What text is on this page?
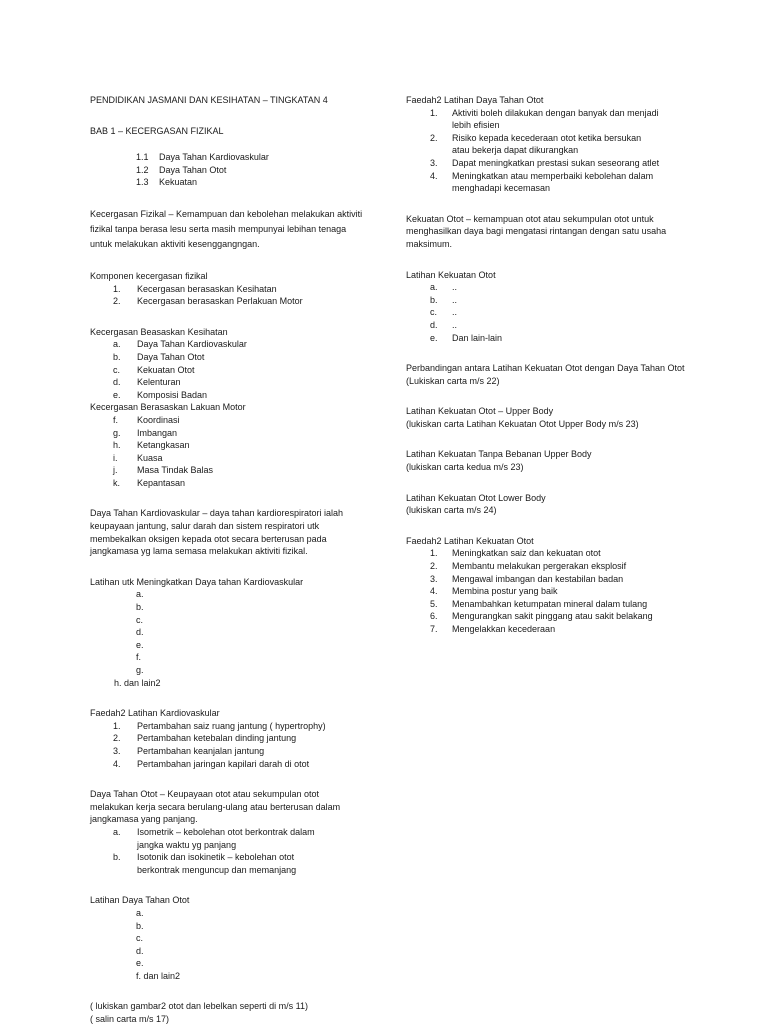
PENDIDIKAN JASMANI DAN KESIHATAN – TINGKATAN 4
BAB 1 – KECERGASAN FIZIKAL
1.1 Daya Tahan Kardiovaskular
1.2 Daya Tahan Otot
1.3 Kekuatan
Kecergasan Fizikal – Kemampuan dan kebolehan melakukan aktiviti fizikal tanpa berasa lesu serta masih mempunyai lebihan tenaga untuk melakukan aktiviti kesenggangngan.
Komponen kecergasan fizikal
1. Kecergasan berasaskan Kesihatan
2. Kecergasan berasaskan Perlakuan Motor
Kecergasan Beasaskan Kesihatan
a. Daya Tahan Kardiovaskular
b. Daya Tahan Otot
c. Kekuatan Otot
d. Kelenturan
e. Komposisi Badan
Kecergasan Berasaskan Lakuan Motor
f. Koordinasi
g. Imbangan
h. Ketangkasan
i. Kuasa
j. Masa Tindak Balas
k. Kepantasan
Daya Tahan Kardiovaskular – daya tahan kardiorespiratori ialah keupayaan jantung, salur darah dan sistem respiratori utk membekalkan oksigen kepada otot secara berterusan pada jangkamasa yg lama semasa melakukan aktiviti fizikal.
Latihan utk Meningkatkan Daya tahan Kardiovaskular
a.
b.
c.
d.
e.
f.
g.
h. dan lain2
Faedah2 Latihan Kardiovaskular
1. Pertambahan saiz ruang jantung ( hypertrophy)
2. Pertambahan ketebalan dinding jantung
3. Pertambahan keanjalan jantung
4. Pertambahan jaringan kapilari darah di otot
Daya Tahan Otot – Keupayaan otot atau sekumpulan otot melakukan kerja secara berulang-ulang atau berterusan dalam jangkamasa yang panjang.
a. Isometrik – kebolehan otot berkontrak dalam jangka waktu yg panjang
b. Isotonik dan isokinetik – kebolehan otot berkontrak menguncup dan memanjang
Latihan Daya Tahan Otot
a.
b.
c.
d.
e.
f. dan lain2
( lukiskan gambar2 otot dan lebelkan seperti di m/s 11)
( salin carta m/s 17)
Faedah2 Latihan Daya Tahan Otot
1. Aktiviti boleh dilakukan dengan banyak dan menjadi lebih efisien
2. Risiko kepada kecederaan otot ketika bersukan atau bekerja dapat dikurangkan
3. Dapat meningkatkan prestasi sukan seseorang atlet
4. Meningkatkan atau memperbaiki kebolehan dalam menghadapi kecemasan
Kekuatan Otot – kemampuan otot atau sekumpulan otot untuk menghasilkan daya bagi mengatasi rintangan dengan satu usaha maksimum.
Latihan Kekuatan Otot
a. ..
b. ..
c. ..
d. ..
e. Dan lain-lain
Perbandingan antara Latihan Kekuatan Otot dengan Daya Tahan Otot
(Lukiskan carta m/s 22)
Latihan Kekuatan Otot – Upper Body
(lukiskan carta Latihan Kekuatan Otot Upper Body m/s 23)
Latihan Kekuatan Tanpa Bebanan Upper Body
(lukiskan carta kedua m/s 23)
Latihan Kekuatan Otot Lower Body
(lukiskan carta m/s 24)
Faedah2 Latihan Kekuatan Otot
1. Meningkatkan saiz dan kekuatan otot
2. Membantu melakukan pergerakan eksplosif
3. Mengawal imbangan dan kestabilan badan
4. Membina postur yang baik
5. Menambahkan ketumpatan mineral dalam tulang
6. Mengurangkan sakit pinggang atau sakit belakang
7. Mengelakkan kecederaan
